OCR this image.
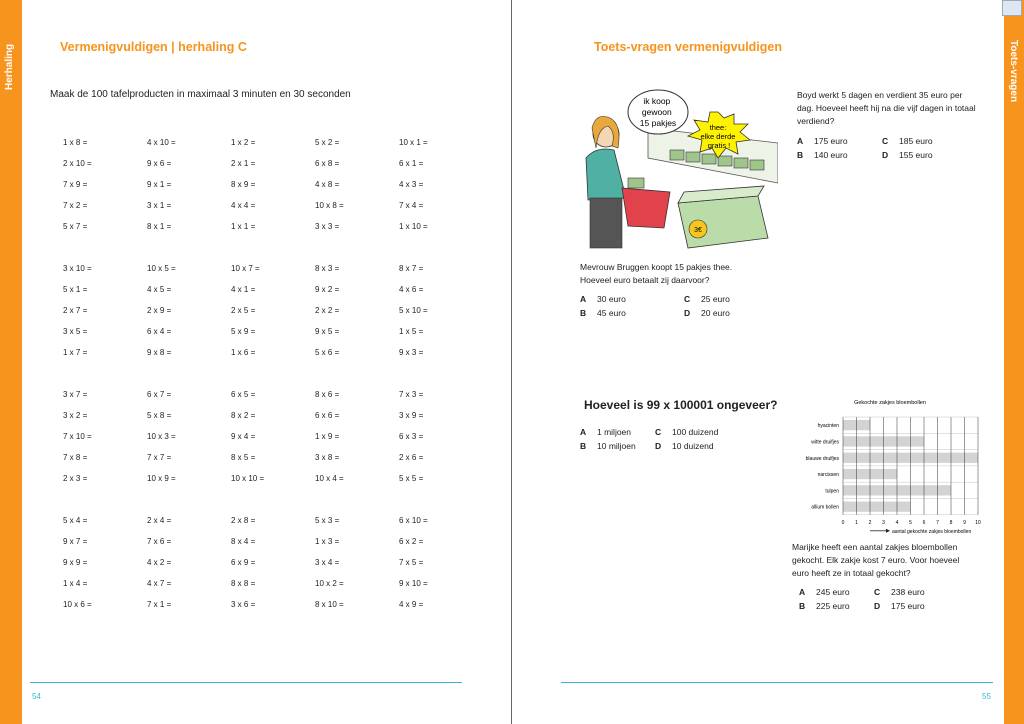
Herhaling	Toets-vragen
Vermenigvuldigen | herhaling C
Maak de 100 tafelproducten in maximaal 3 minuten en 30 seconden
1 x 8 =	4 x 10 =	1 x 2 =	5 x 2 =	10 x 1 =
2 x 10 =	9 x 6 =	2 x 1 =	6 x 8 =	6 x 1 =
7 x 9 =	9 x 1 =	8 x 9 =	4 x 8 =	4 x 3 =
7 x 2 =	3 x 1 =	4 x 4 =	10 x 8 =	7 x 4 =
5 x 7 =	8 x 1 =	1 x 1 =	3 x 3 =	1 x 10 =
3 x 10 =	10 x 5 =	10 x 7 =	8 x 3 =	8 x 7 =
5 x 1 =	4 x 5 =	4 x 1 =	9 x 2 =	4 x 6 =
2 x 7 =	2 x 9 =	2 x 5 =	2 x 2 =	5 x 10 =
3 x 5 =	6 x 4 =	5 x 9 =	9 x 5 =	1 x 5 =
1 x 7 =	9 x 8 =	1 x 6 =	5 x 6 =	9 x 3 =
3 x 7 =	6 x 7 =	6 x 5 =	8 x 6 =	7 x 3 =
3 x 2 =	5 x 8 =	8 x 2 =	6 x 6 =	3 x 9 =
7 x 10 =	10 x 3 =	9 x 4 =	1 x 9 =	6 x 3 =
7 x 8 =	7 x 7 =	8 x 5 =	3 x 8 =	2 x 6 =
2 x 3 =	10 x 9 =	10 x 10 =	10 x 4 =	5 x 5 =
5 x 4 =	2 x 4 =	2 x 8 =	5 x 3 =	6 x 10 =
9 x 7 =	7 x 6 =	8 x 4 =	1 x 3 =	6 x 2 =
9 x 9 =	4 x 2 =	6 x 9 =	3 x 4 =	7 x 5 =
1 x 4 =	4 x 7 =	8 x 8 =	10 x 2 =	9 x 10 =
10 x 6 =	7 x 1 =	3 x 6 =	8 x 10 =	4 x 9 =
54
Toets-vragen vermenigvuldigen
3€
ik koop gewoon 15 pakjes	thee: elke derde gratis !
Boyd werkt 5 dagen en verdient 35 euro per
dag. Hoeveel heeft hij na die vijf dagen in totaal
verdiend?
A 175 euro	C 185 euro
B 140 euro	D 155 euro
Mevrouw Bruggen koopt 15 pakjes thee.
Hoeveel euro betaalt zij daarvoor?
A 30 euro	C 25 euro
B 45 euro	D 20 euro
Hoeveel is 99 x 100001 ongeveer?
A 1 miljoen	C 100 duizend
B 10 miljoen D 10 duizend
Gekochte zakjes bloembollen
hyacinten
witte druifjes
blauwe druifjes
narcissen
tulpen
allium bollen
0 1 2 3 4 5 6 7 8 9 10
aantal gekochte zakjes bloembollen
Marijke heeft een aantal zakjes bloembollen
gekocht. Elk zakje kost 7 euro. Voor hoeveel
euro heeft ze in totaal gekocht?
A 245 euro	C 238 euro
B 225 euro	D 175 euro
55
